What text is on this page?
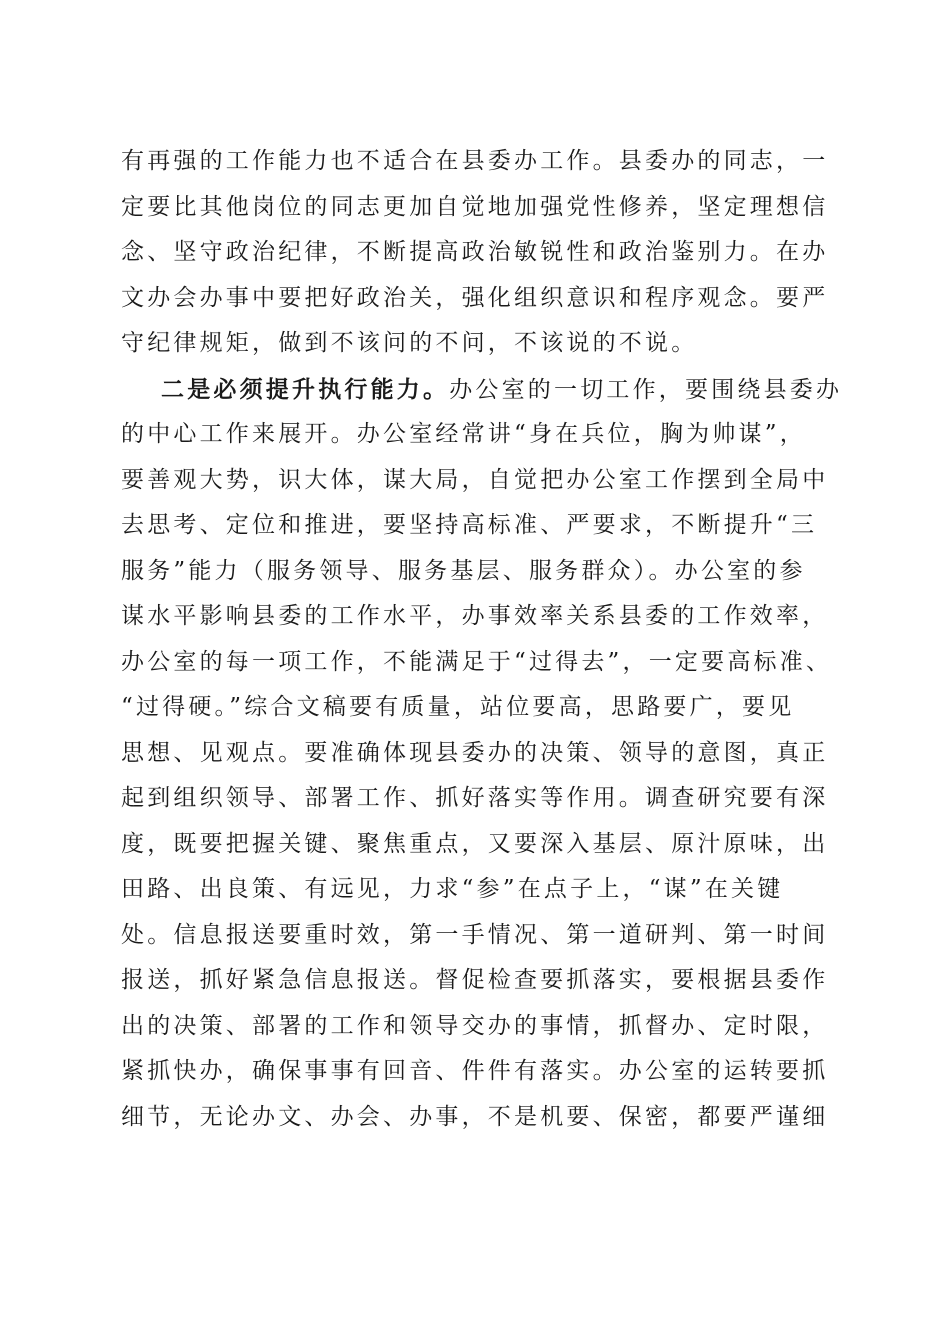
有再强的工作能力也不适合在县委办工作。县委办的同志，一
定要比其他岗位的同志更加自觉地加强党性修养，坚定理想信
念、坚守政治纪律，不断提高政治敏锐性和政治鉴别力。在办
文办会办事中要把好政治关，强化组织意识和程序观念。要严
守纪律规矩，做到不该问的不问，不该说的不说。
二是必须提升执行能力。办公室的一切工作，要围绕县委办
的中心工作来展开。办公室经常讲“身在兵位，胸为帅谋”，
要善观大势，识大体，谋大局，自觉把办公室工作摆到全局中
去思考、定位和推进，要坚持高标准、严要求，不断提升“三
服务”能力（服务领导、服务基层、服务群众）。办公室的参
谋水平影响县委的工作水平，办事效率关系县委的工作效率，
办公室的每一项工作，不能满足于“过得去”，一定要高标准、
“过得硬。”综合文稿要有质量，站位要高，思路要广，要见
思想、见观点。要准确体现县委办的决策、领导的意图，真正
起到组织领导、部署工作、抓好落实等作用。调查研究要有深
度，既要把握关键、聚焦重点，又要深入基层、原汁原味，出
田路、出良策、有远见，力求“参”在点子上，“谋”在关键
处。信息报送要重时效，第一手情况、第一道研判、第一时间
报送，抓好紧急信息报送。督促检查要抓落实，要根据县委作
出的决策、部署的工作和领导交办的事情，抓督办、定时限，
紧抓快办，确保事事有回音、件件有落实。办公室的运转要抓
细节，无论办文、办会、办事，不是机要、保密，都要严谨细
